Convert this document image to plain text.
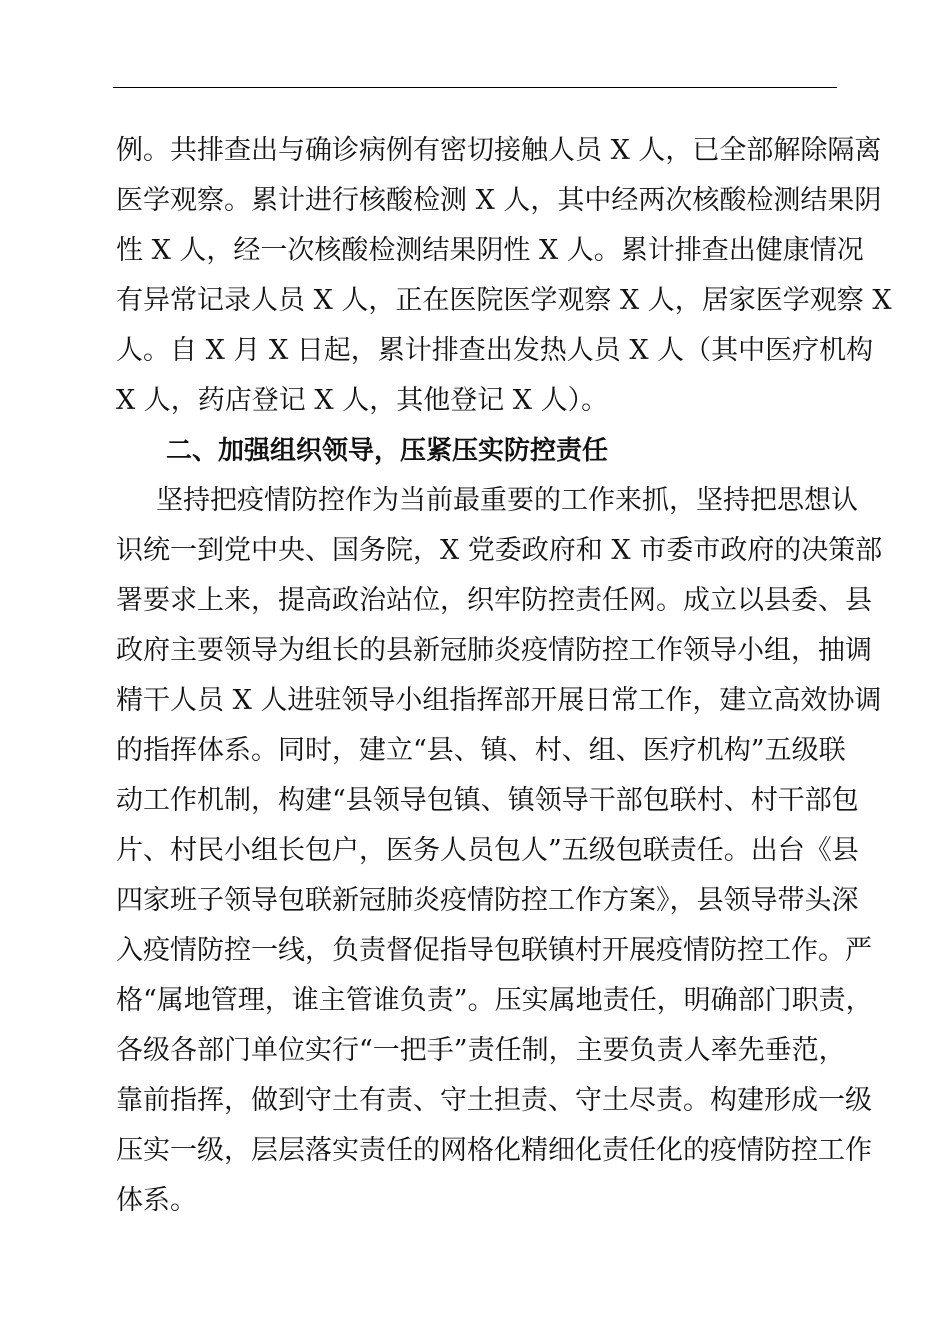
例。共排查出与确诊病例有密切接触人员 X 人，已全部解除隔离
医学观察。累计进行核酸检测 X 人，其中经两次核酸检测结果阴
性 X 人，经一次核酸检测结果阴性 X 人。累计排查出健康情况
有异常记录人员 X 人，正在医院医学观察 X 人，居家医学观察 X
人。自 X 月 X 日起，累计排查出发热人员 X 人（其中医疗机构
X 人，药店登记 X 人，其他登记 X 人）。
二、加强组织领导，压紧压实防控责任
坚持把疫情防控作为当前最重要的工作来抓，坚持把思想认
识统一到党中央、国务院，X 党委政府和 X 市委市政府的决策部
署要求上来，提高政治站位，织牢防控责任网。成立以县委、县
政府主要领导为组长的县新冠肺炎疫情防控工作领导小组，抽调
精干人员 X 人进驻领导小组指挥部开展日常工作，建立高效协调
的指挥体系。同时，建立“县、镇、村、组、医疗机构”五级联
动工作机制，构建“县领导包镇、镇领导干部包联村、村干部包
片、村民小组长包户，医务人员包人”五级包联责任。出台《县
四家班子领导包联新冠肺炎疫情防控工作方案》，县领导带头深
入疫情防控一线，负责督促指导包联镇村开展疫情防控工作。严
格“属地管理，谁主管谁负责”。压实属地责任，明确部门职责，
各级各部门单位实行“一把手”责任制，主要负责人率先垂范，
靠前指挥，做到守土有责、守土担责、守土尽责。构建形成一级
压实一级，层层落实责任的网格化精细化责任化的疫情防控工作
体系。
